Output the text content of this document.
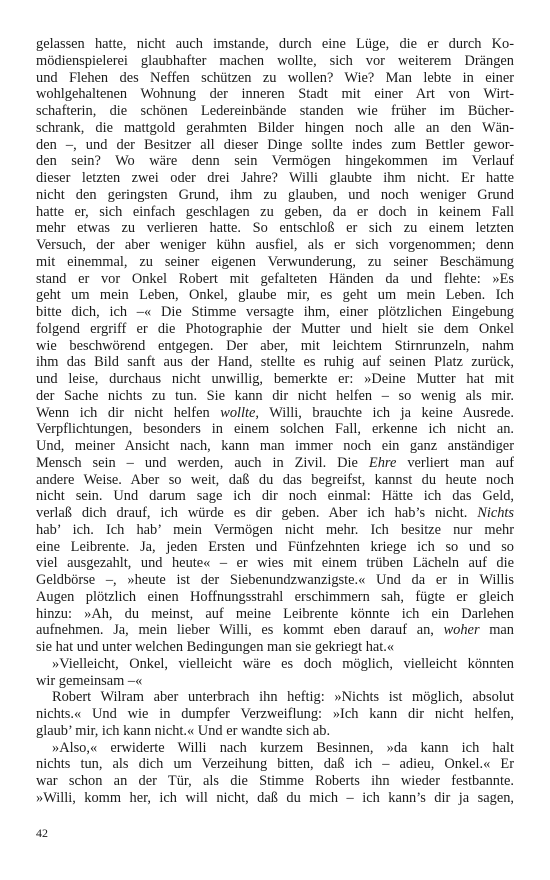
gelassen hatte, nicht auch imstande, durch eine Lüge, die er durch Ko-
mödienspielerei glaubhafter machen wollte, sich vor weiterem Drängen
und Flehen des Neffen schützen zu wollen? Wie? Man lebte in einer
wohlgehaltenen Wohnung der inneren Stadt mit einer Art von Wirt-
schafterin, die schönen Ledereinbände standen wie früher im Bücher-
schrank, die mattgold gerahmten Bilder hingen noch alle an den Wän-
den –, und der Besitzer all dieser Dinge sollte indes zum Bettler gewor-
den sein? Wo wäre denn sein Vermögen hingekommen im Verlauf
dieser letzten zwei oder drei Jahre? Willi glaubte ihm nicht. Er hatte
nicht den geringsten Grund, ihm zu glauben, und noch weniger Grund
hatte er, sich einfach geschlagen zu geben, da er doch in keinem Fall
mehr etwas zu verlieren hatte. So entschloß er sich zu einem letzten
Versuch, der aber weniger kühn ausfiel, als er sich vorgenommen; denn
mit einemmal, zu seiner eigenen Verwunderung, zu seiner Beschämung
stand er vor Onkel Robert mit gefalteten Händen da und flehte: »Es
geht um mein Leben, Onkel, glaube mir, es geht um mein Leben. Ich
bitte dich, ich –« Die Stimme versagte ihm, einer plötzlichen Eingebung
folgend ergriff er die Photographie der Mutter und hielt sie dem Onkel
wie beschwörend entgegen. Der aber, mit leichtem Stirnrunzeln, nahm
ihm das Bild sanft aus der Hand, stellte es ruhig auf seinen Platz zurück,
und leise, durchaus nicht unwillig, bemerkte er: »Deine Mutter hat mit
der Sache nichts zu tun. Sie kann dir nicht helfen – so wenig als mir.
Wenn ich dir nicht helfen wollte, Willi, brauchte ich ja keine Ausrede.
Verpflichtungen, besonders in einem solchen Fall, erkenne ich nicht an.
Und, meiner Ansicht nach, kann man immer noch ein ganz anständiger
Mensch sein – und werden, auch in Zivil. Die Ehre verliert man auf
andere Weise. Aber so weit, daß du das begreifst, kannst du heute noch
nicht sein. Und darum sage ich dir noch einmal: Hätte ich das Geld,
verlaß dich drauf, ich würde es dir geben. Aber ich hab’s nicht. Nichts
hab’ ich. Ich hab’ mein Vermögen nicht mehr. Ich besitze nur mehr
eine Leibrente. Ja, jeden Ersten und Fünfzehnten kriege ich so und so
viel ausgezahlt, und heute« – er wies mit einem trüben Lächeln auf die
Geldbörse –, »heute ist der Siebenundzwanzigste.« Und da er in Willis
Augen plötzlich einen Hoffnungsstrahl erschimmern sah, fügte er gleich
hinzu: »Ah, du meinst, auf meine Leibrente könnte ich ein Darlehen
aufnehmen. Ja, mein lieber Willi, es kommt eben darauf an, woher man
sie hat und unter welchen Bedingungen man sie gekriegt hat.«
»Vielleicht, Onkel, vielleicht wäre es doch möglich, vielleicht könnten
wir gemeinsam –«
Robert Wilram aber unterbrach ihn heftig: »Nichts ist möglich, absolut
nichts.« Und wie in dumpfer Verzweiflung: »Ich kann dir nicht helfen,
glaub’ mir, ich kann nicht.« Und er wandte sich ab.
»Also,« erwiderte Willi nach kurzem Besinnen, »da kann ich halt
nichts tun, als dich um Verzeihung bitten, daß ich – adieu, Onkel.« Er
war schon an der Tür, als die Stimme Roberts ihn wieder festbannte.
»Willi, komm her, ich will nicht, daß du mich – ich kann’s dir ja sagen,
42
